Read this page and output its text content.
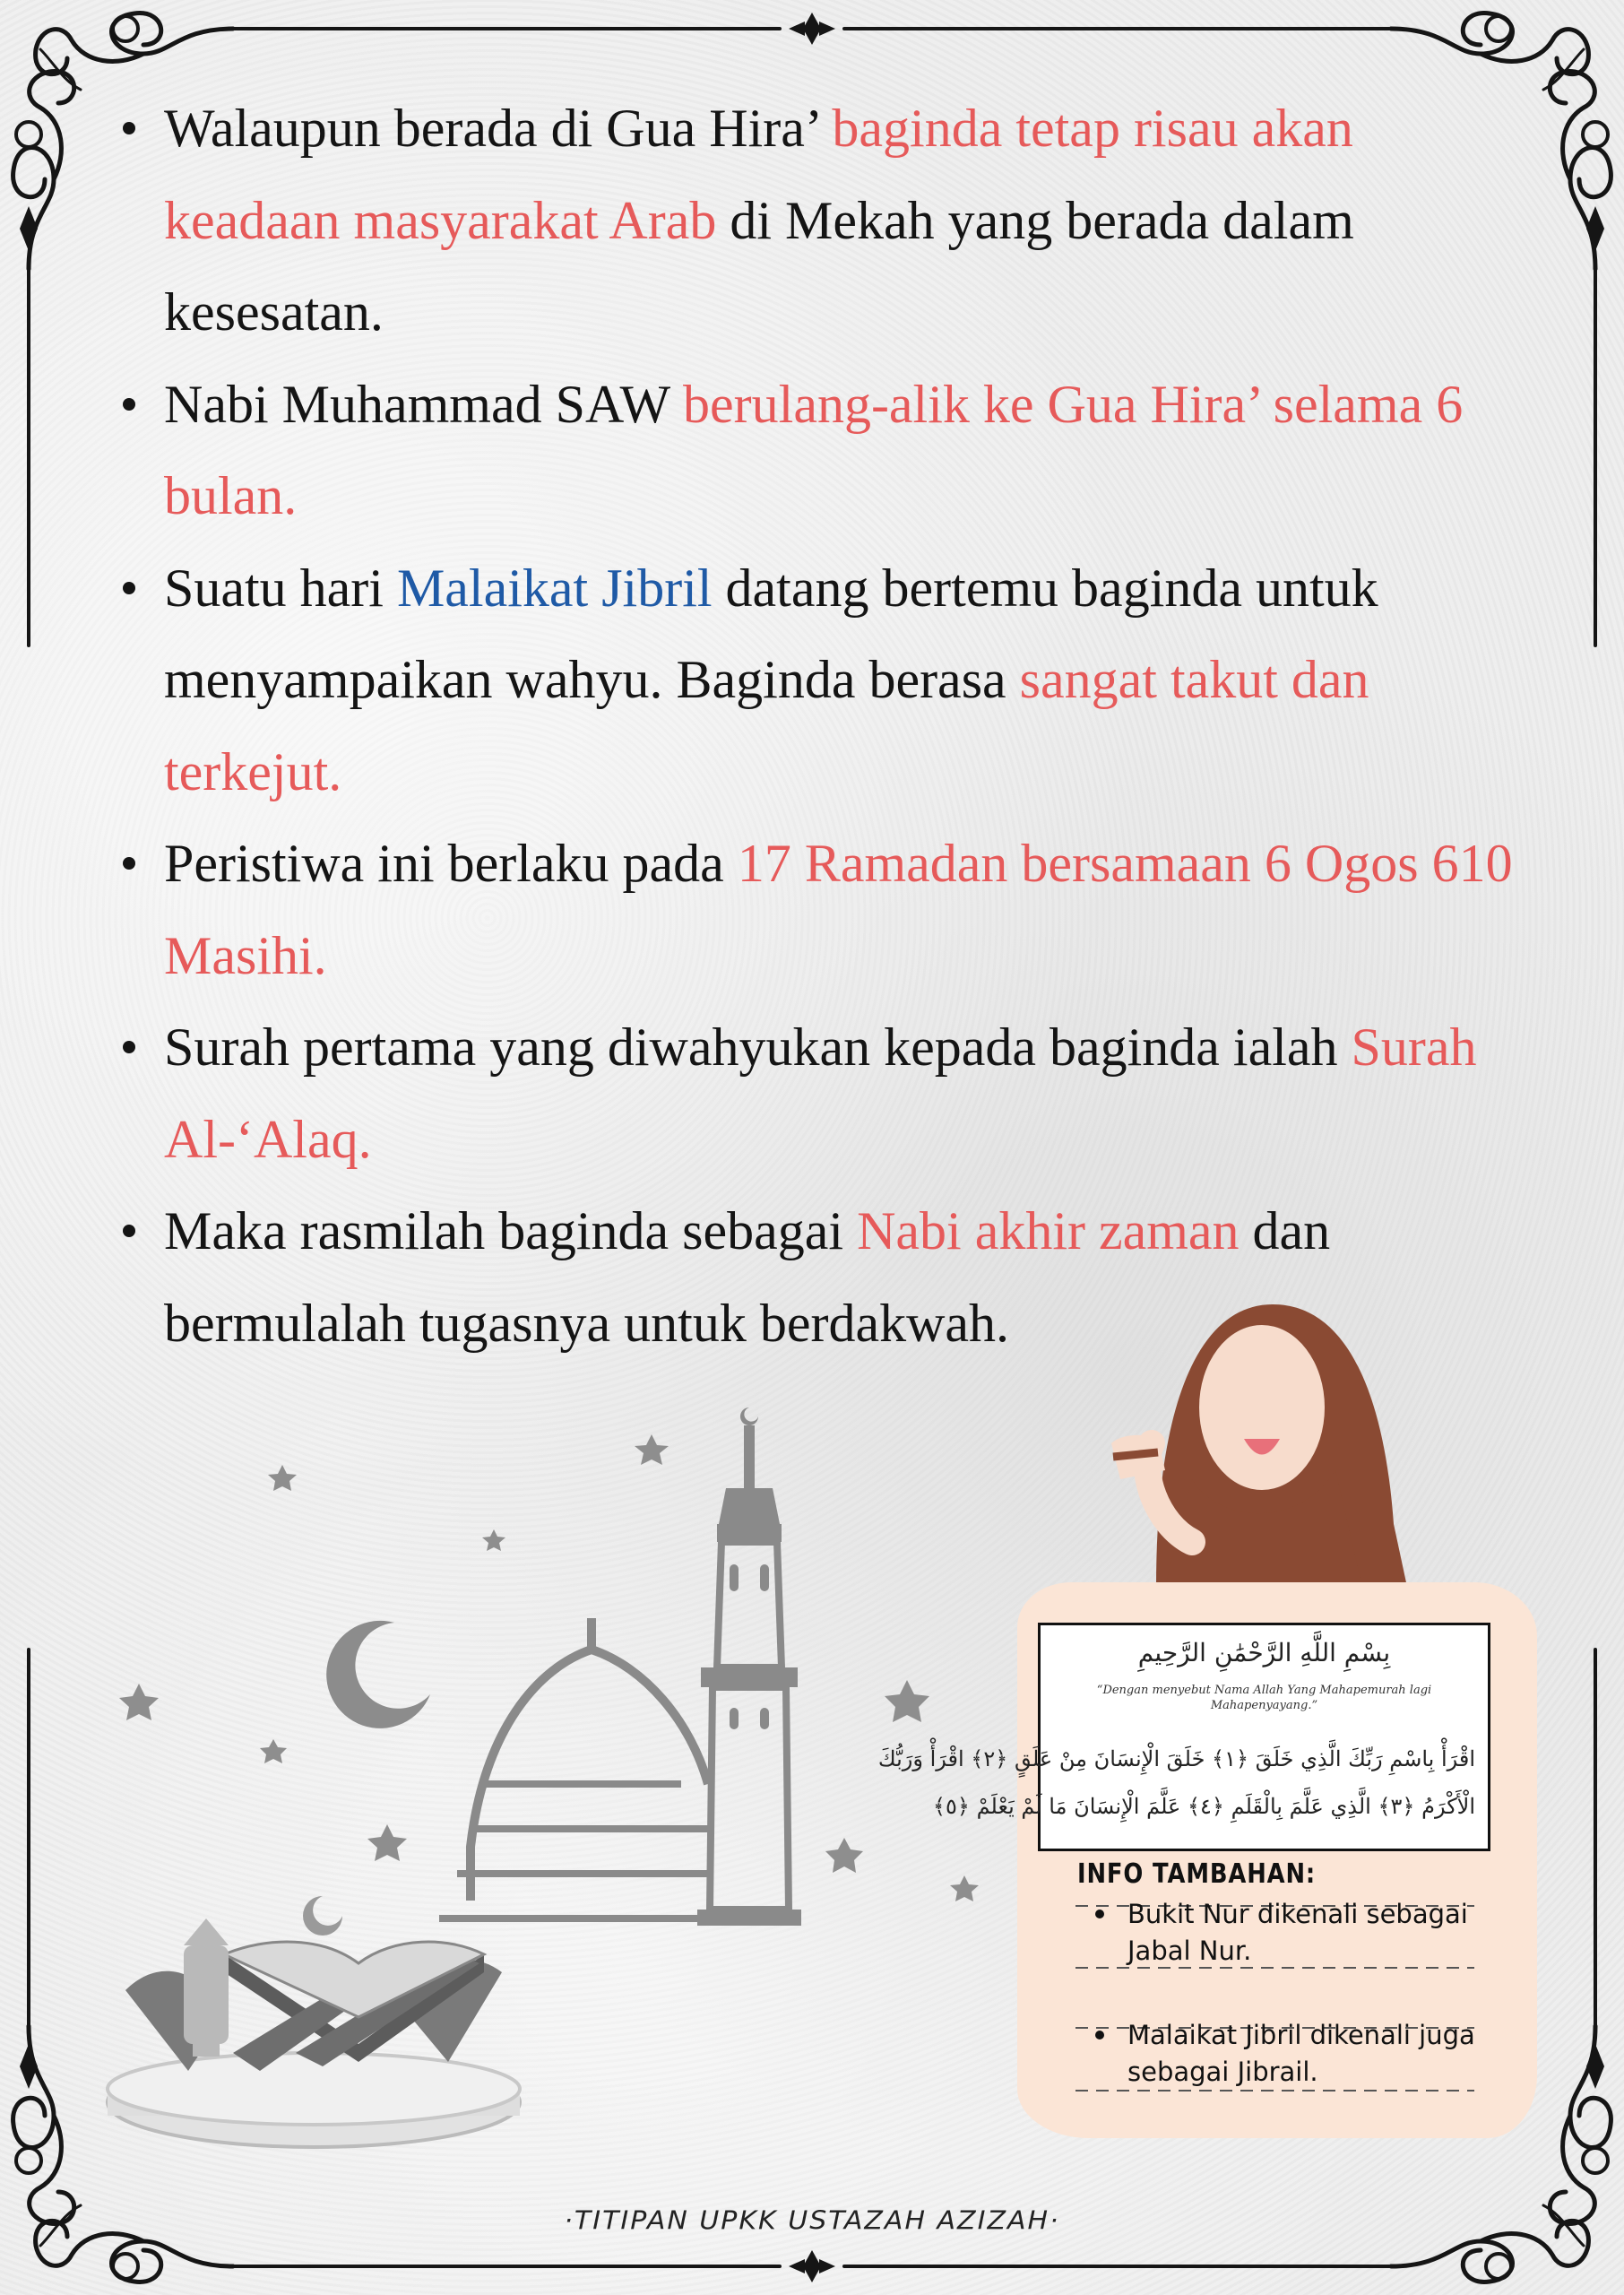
Walaupun berada di Gua Hira’ baginda tetap risau akan keadaan masyarakat Arab di Mekah yang berada dalam kesesatan.
Nabi Muhammad SAW berulang-alik ke Gua Hira’ selama 6 bulan.
Suatu hari Malaikat Jibril datang bertemu baginda untuk menyampaikan wahyu. Baginda berasa sangat takut dan terkejut.
Peristiwa ini berlaku pada 17 Ramadan bersamaan 6 Ogos 610 Masihi.
Surah pertama yang diwahyukan kepada baginda ialah Surah Al-‘Alaq.
Maka rasmilah baginda sebagai Nabi akhir zaman dan bermulalah tugasnya untuk berdakwah.
بِسْمِ اللَّهِ الرَّحْمَٰنِ الرَّحِيمِ
“Dengan menyebut Nama Allah Yang Mahapemurah lagi Mahapenyayang.”
اقْرَأْ بِاسْمِ رَبِّكَ الَّذِي خَلَقَ ﴿١﴾ خَلَقَ الْإِنسَانَ مِنْ عَلَقٍ ﴿٢﴾ اقْرَأْ وَرَبُّكَ
الْأَكْرَمُ ﴿٣﴾ الَّذِي عَلَّمَ بِالْقَلَمِ ﴿٤﴾ عَلَّمَ الْإِنسَانَ مَا لَمْ يَعْلَمْ ﴿٥﴾
INFO TAMBAHAN:
Bukit Nur dikenali sebagai Jabal Nur.
Malaikat Jibril dikenali juga sebagai Jibrail.
·TITIPAN UPKK USTAZAH AZIZAH·
